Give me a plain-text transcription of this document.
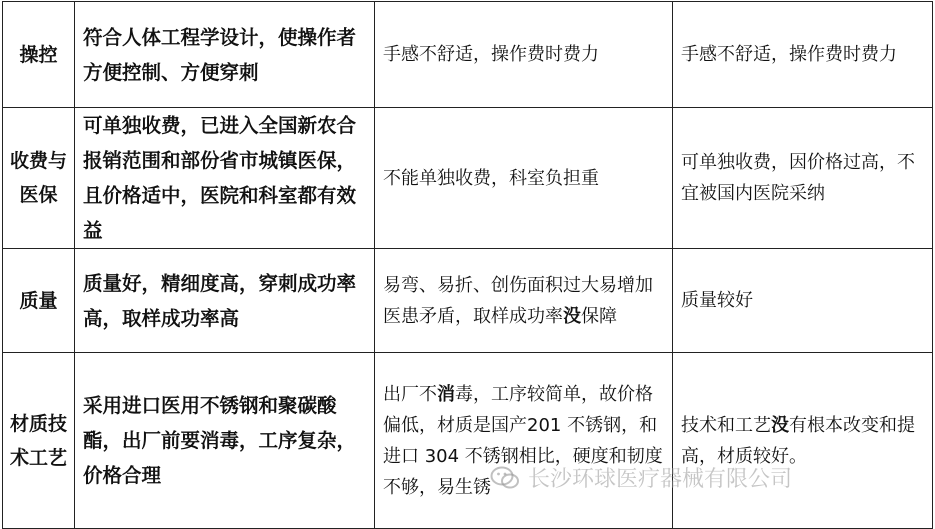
操控	符合人体工程学设计，使操作者方便控制、方便穿刺	手感不舒适，操作费时费力	手感不舒适，操作费时费力
收费与医保	可单独收费，已进入全国新农合报销范围和部份省市城镇医保，且价格适中，医院和科室都有效益	不能单独收费，科室负担重	可单独收费，因价格过高，不宜被国内医院采纳
质量	质量好，精细度高，穿刺成功率高，取样成功率高	易弯、易折、创伤面积过大易增加医患矛盾，取样成功率没保障	质量较好
材质技术工艺	采用进口医用不锈钢和聚碳酸酯，出厂前要消毒，工序复杂，价格合理	出厂不消毒，工序较简单，故价格偏低，材质是国产201 不锈钢，和进口 304 不锈钢相比，硬度和韧度不够，易生锈	技术和工艺没有根本改变和提高，材质较好。
长沙环球医疗器械有限公司
